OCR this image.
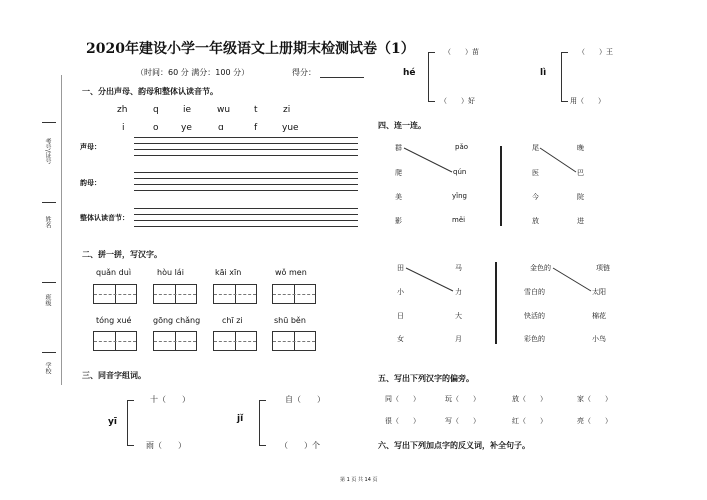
2020年建设小学一年级语文上册期末检测试卷（1）
（时间：60 分 满分：100 分）	得分：
考号/证号
姓名
班级
学校
一、分出声母、韵母和整体认读音节。
zh	q	ie	wu	t	zi
i	o ye	ɑ	f	yue
声母：
韵母：
整体认读音节：
二、拼一拼，写汉字。
quǎn duì	hòu lái	kāi xīn	wǒ men
tóng xué	gōng chǎng	chī zi	shū běn
三、同音字组词。
yī
十（　　）
雨（　　）
jǐ
自（　　）
（　　）个
hé
（　　）苗
（　　）好
lì
（　　）王
用（　　）
四、连一连。
群
爬
美
影
pǎo
qún
yǐng
měi
尾
医
今
放
晚
巴
院
进
田
小
日
女
马
力
大
月
金色的
雪白的
快活的
彩色的
项链
太阳
棉花
小鸟
五、写出下列汉字的偏旁。
同（　　）	玩（　　）	放（　　）	家（　　）
很（　　）	写（　　）	红（　　）	亮（　　）
六、写出下列加点字的反义词，补全句子。
第 1 页 共 14 页
